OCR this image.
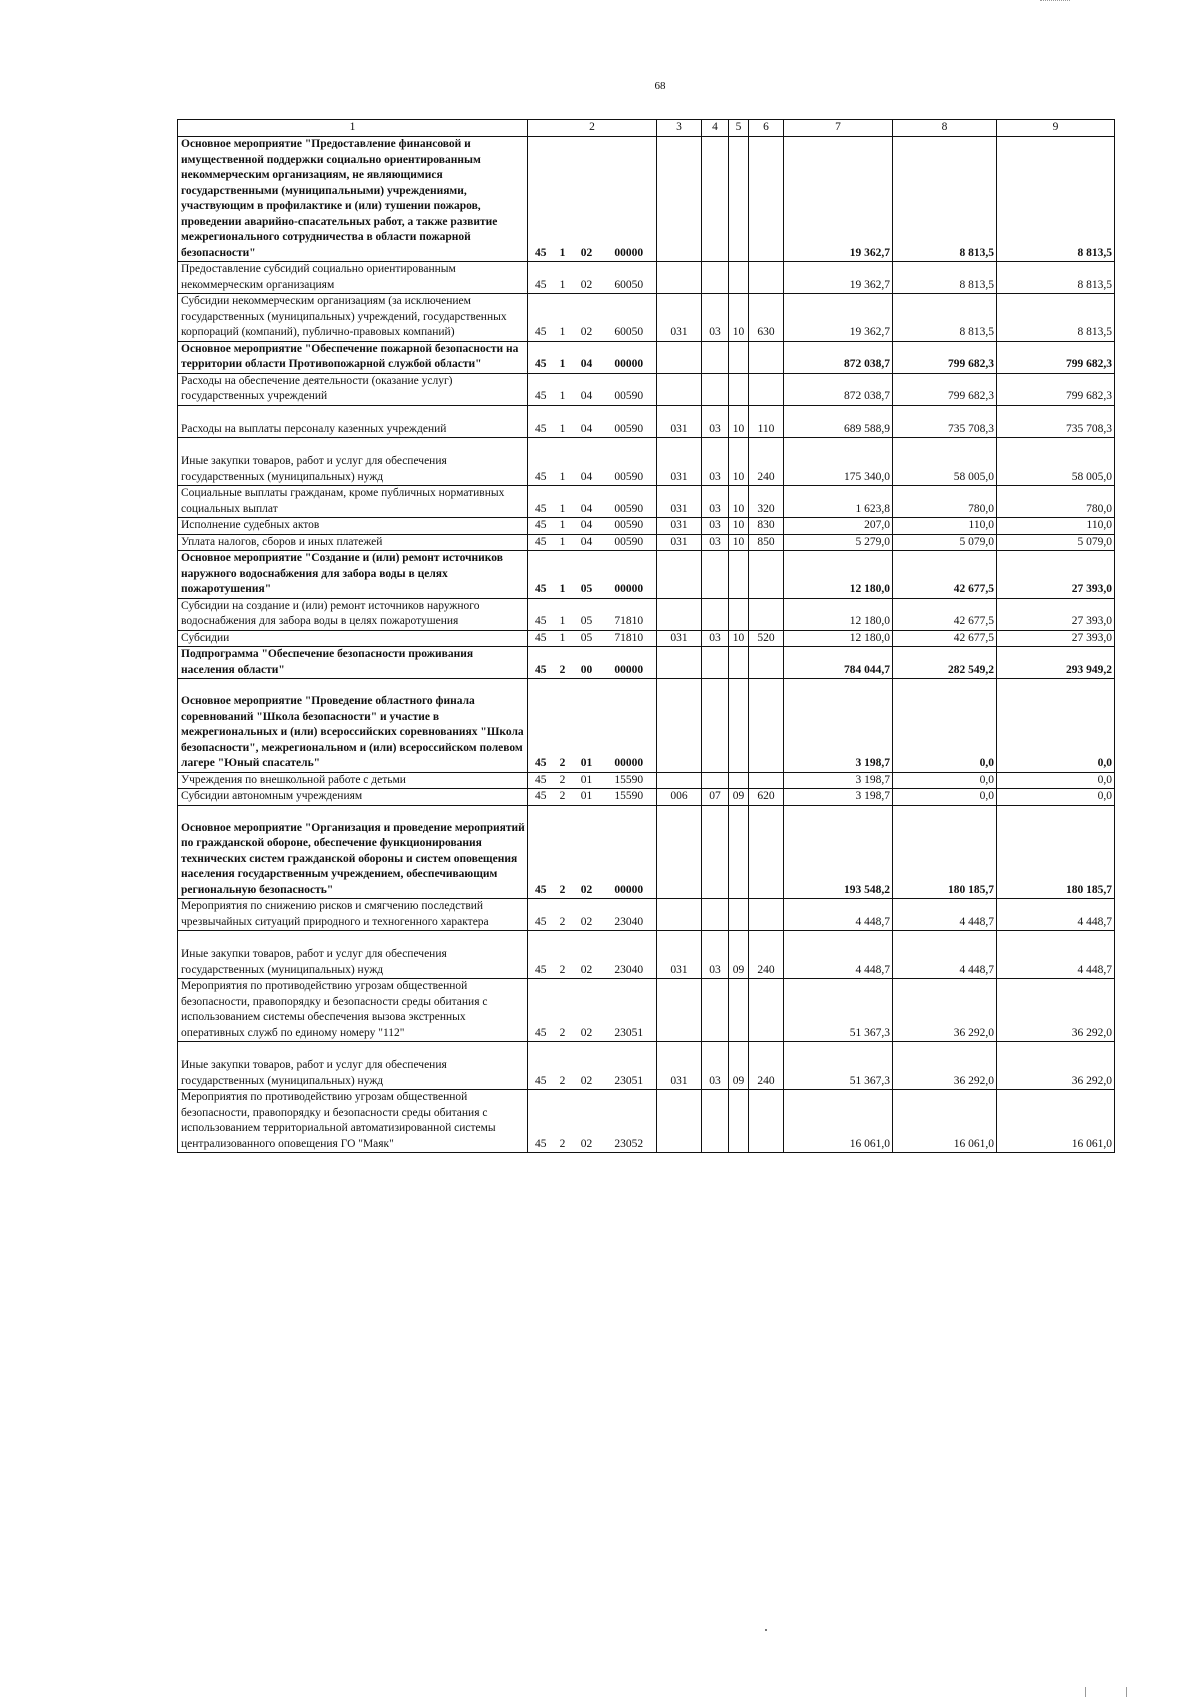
68
1	2				3	4	5	6	7	8	9
Основное мероприятие "Предоставление финансовой и имущественной поддержки социально ориентированным некоммерческим организациям, не являющимися государственными (муниципальными) учреждениями, участвующим в профилактике и (или) тушении пожаров, проведении аварийно-спасательных работ, а также развитие межрегионального сотрудничества в области пожарной безопасности"	45	1	02	00000					19 362,7	8 813,5	8 813,5
Предоставление субсидий социально ориентированным некоммерческим организациям	45	1	02	60050					19 362,7	8 813,5	8 813,5
Субсидии некоммерческим организациям (за исключением государственных (муниципальных) учреждений, государственных корпораций (компаний), публично-правовых компаний)	45	1	02	60050	031	03	10	630	19 362,7	8 813,5	8 813,5
Основное мероприятие "Обеспечение пожарной безопасности на территории области Противопожарной службой области"	45	1	04	00000					872 038,7	799 682,3	799 682,3
Расходы на обеспечение деятельности (оказание услуг) государственных учреждений	45	1	04	00590					872 038,7	799 682,3	799 682,3
Расходы на выплаты персоналу казенных учреждений	45	1	04	00590	031	03	10	110	689 588,9	735 708,3	735 708,3
Иные закупки товаров, работ и услуг для обеспечения государственных (муниципальных) нужд	45	1	04	00590	031	03	10	240	175 340,0	58 005,0	58 005,0
Социальные выплаты гражданам, кроме публичных нормативных социальных выплат	45	1	04	00590	031	03	10	320	1 623,8	780,0	780,0
Исполнение судебных актов	45	1	04	00590	031	03	10	830	207,0	110,0	110,0
Уплата налогов, сборов и иных платежей	45	1	04	00590	031	03	10	850	5 279,0	5 079,0	5 079,0
Основное мероприятие "Создание и (или) ремонт источников наружного водоснабжения для забора воды в целях пожаротушения"	45	1	05	00000					12 180,0	42 677,5	27 393,0
Субсидии на создание и (или) ремонт источников наружного водоснабжения для забора воды в целях пожаротушения	45	1	05	71810					12 180,0	42 677,5	27 393,0
Субсидии	45	1	05	71810	031	03	10	520	12 180,0	42 677,5	27 393,0
Подпрограмма "Обеспечение безопасности проживания населения области"	45	2	00	00000					784 044,7	282 549,2	293 949,2
Основное мероприятие "Проведение областного финала соревнований "Школа безопасности" и участие в межрегиональных и (или) всероссийских соревнованиях "Школа безопасности", межрегиональном и (или) всероссийском полевом лагере "Юный спасатель"	45	2	01	00000					3 198,7	0,0	0,0
Учреждения по внешкольной работе с детьми	45	2	01	15590					3 198,7	0,0	0,0
Субсидии автономным учреждениям	45	2	01	15590	006	07	09	620	3 198,7	0,0	0,0
Основное мероприятие "Организация и проведение мероприятий по гражданской обороне, обеспечение функционирования технических систем гражданской обороны и систем оповещения населения государственным учреждением, обеспечивающим региональную безопасность"	45	2	02	00000					193 548,2	180 185,7	180 185,7
Мероприятия по снижению рисков и смягчению последствий чрезвычайных ситуаций природного и техногенного характера	45	2	02	23040					4 448,7	4 448,7	4 448,7
Иные закупки товаров, работ и услуг для обеспечения государственных (муниципальных) нужд	45	2	02	23040	031	03	09	240	4 448,7	4 448,7	4 448,7
Мероприятия по противодействию угрозам общественной безопасности, правопорядку и безопасности среды обитания с использованием системы обеспечения вызова экстренных оперативных служб по единому номеру "112"	45	2	02	23051					51 367,3	36 292,0	36 292,0
Иные закупки товаров, работ и услуг для обеспечения государственных (муниципальных) нужд	45	2	02	23051	031	03	09	240	51 367,3	36 292,0	36 292,0
Мероприятия по противодействию угрозам общественной безопасности, правопорядку и безопасности среды обитания с использованием территориальной автоматизированной системы централизованного оповещения ГО "Маяк"	45	2	02	23052					16 061,0	16 061,0	16 061,0
